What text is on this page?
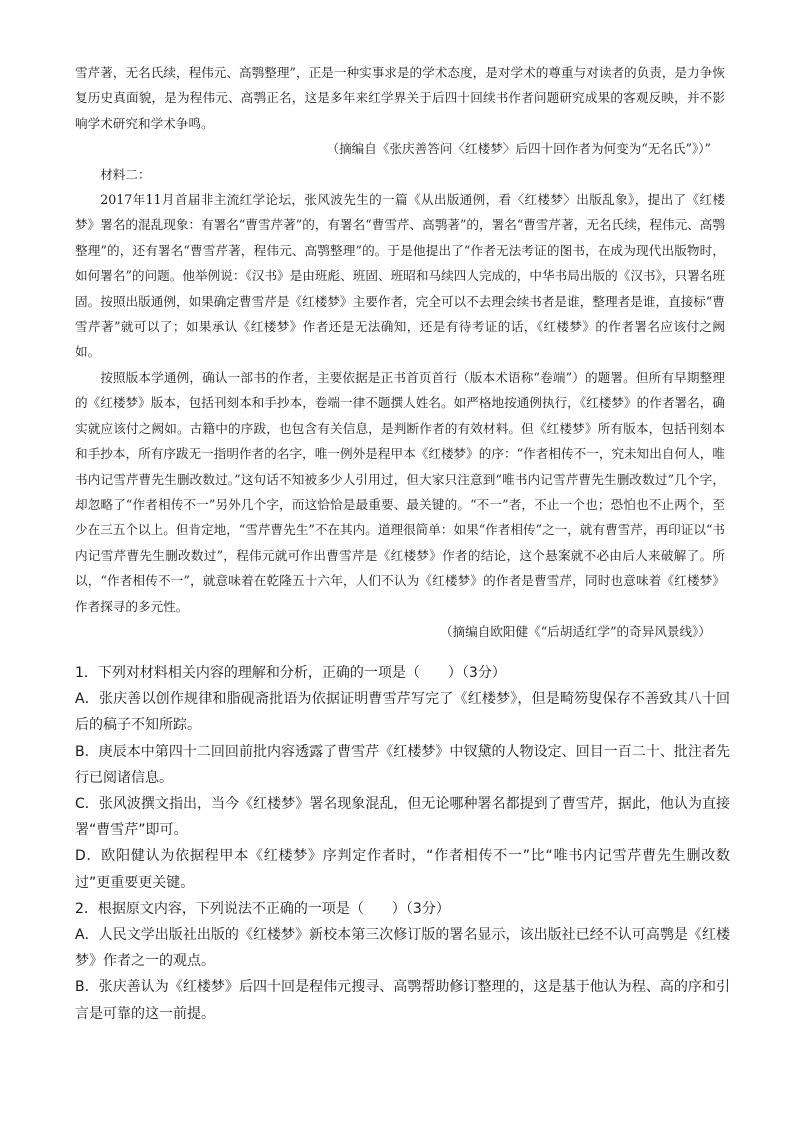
雪芹著，无名氏续，程伟元、高鹗整理”，正是一种实事求是的学术态度，是对学术的尊重与对读者的负责，是力争恢复历史真面貌，是为程伟元、高鹗正名，这是多年来红学界关于后四十回续书作者问题研究成果的客观反映，并不影响学术研究和学术争鸣。

（摘编自《张庆善答问〈红楼梦〉后四十回作者为何变为“无名氏”》）”

材料二：

2017年11月首届非主流红学论坛，张风波先生的一篇《从出版通例，看〈红楼梦〉出版乱象》，提出了《红楼梦》署名的混乱现象：有署名“曹雪芹著”的，有署名“曹雪芹、高鹗著”的，署名“曹雪芹著，无名氏续，程伟元、高鹗整理”的，还有署名“曹雪芹著，程伟元、高鹗整理”的。于是他提出了“作者无法考证的图书，在成为现代出版物时，如何署名”的问题。他举例说：《汉书》是由班彪、班固、班昭和马续四人完成的，中华书局出版的《汉书》，只署名班固。按照出版通例，如果确定曹雪芹是《红楼梦》主要作者，完全可以不去理会续书者是谁，整理者是谁，直接标“曹雪芹著”就可以了；如果承认《红楼梦》作者还是无法确知，还是有待考证的话，《红楼梦》的作者署名应该付之阙如。

按照版本学通例，确认一部书的作者，主要依据是正书首页首行（版本术语称“卷端”）的题署。但所有早期整理的《红楼梦》版本，包括刊刻本和手抄本，卷端一律不题撰人姓名。如严格地按通例执行，《红楼梦》的作者署名，确实就应该付之阙如。古籍中的序跋，也包含有关信息，是判断作者的有效材料。但《红楼梦》所有版本，包括刊刻本和手抄本，所有序跋无一指明作者的名字，唯一例外是程甲本《红楼梦》的序：“作者相传不一，究未知出自何人，唯书内记雪芹曹先生删改数过。”这句话不知被多少人引用过，但大家只注意到“唯书内记雪芹曹先生删改数过”几个字，却忽略了“作者相传不一”另外几个字，而这恰恰是最重要、最关键的。“不一”者，不止一个也；恐怕也不止两个，至少在三五个以上。但肯定地，“雪芹曹先生”不在其内。道理很简单：如果“作者相传”之一，就有曹雪芹，再印证以“书内记雪芹曹先生删改数过”，程伟元就可作出曹雪芹是《红楼梦》作者的结论，这个悬案就不必由后人来破解了。所以，“作者相传不一”，就意味着在乾隆五十六年，人们不认为《红楼梦》的作者是曹雪芹，同时也意味着《红楼梦》作者探寻的多元性。

（摘编自欧阳健《“后胡适红学”的奇异风景线》）

1．下列对材料相关内容的理解和分析，正确的一项是（　　）（3分）

A．张庆善以创作规律和脂砚斋批语为依据证明曹雪芹写完了《红楼梦》，但是畸笏叟保存不善致其八十回后的稿子不知所踪。

B．庚辰本中第四十二回回前批内容透露了曹雪芹《红楼梦》中钗黛的人物设定、回目一百二十、批注者先行已阅诸信息。

C．张风波撰文指出，当今《红楼梦》署名现象混乱，但无论哪种署名都提到了曹雪芹，据此，他认为直接署“曹雪芹”即可。

D．欧阳健认为依据程甲本《红楼梦》序判定作者时，“作者相传不一”比“唯书内记雪芹曹先生删改数过”更重要更关键。

2．根据原文内容，下列说法不正确的一项是（　　）（3分）

A．人民文学出版社出版的《红楼梦》新校本第三次修订版的署名显示，该出版社已经不认可高鹗是《红楼梦》作者之一的观点。

B．张庆善认为《红楼梦》后四十回是程伟元搜寻、高鹗帮助修订整理的，这是基于他认为程、高的序和引言是可靠的这一前提。
